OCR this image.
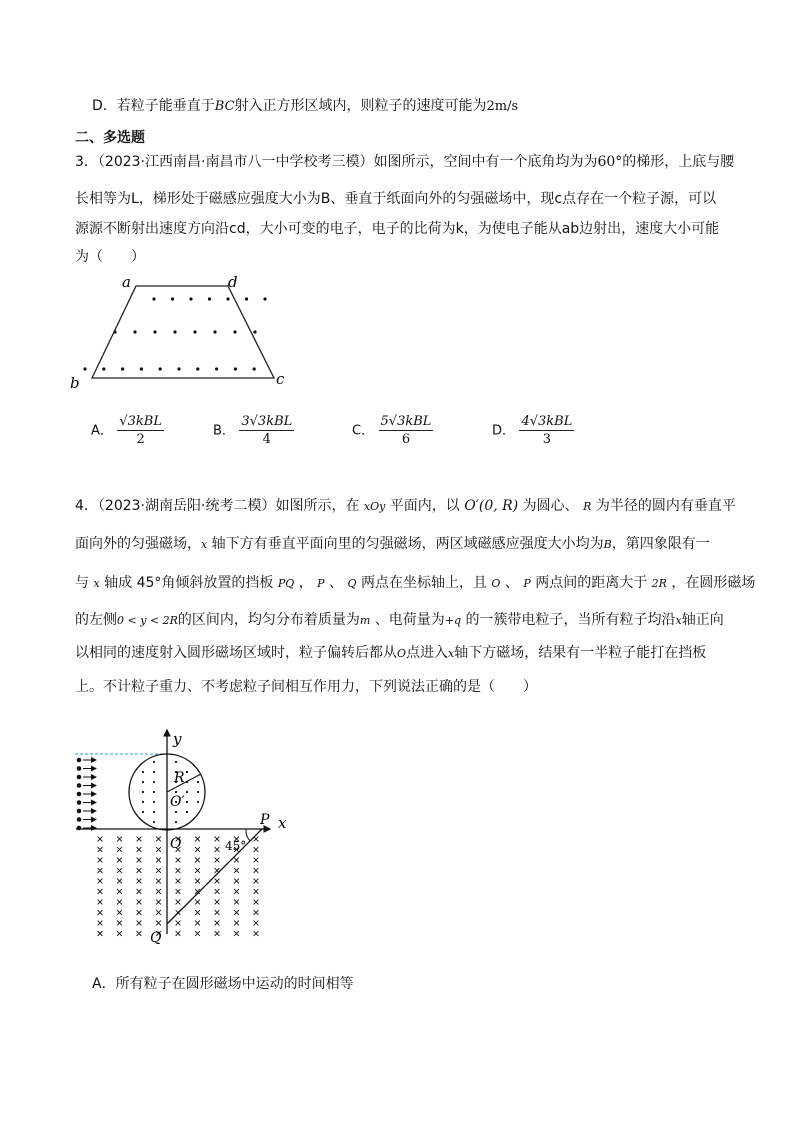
D．若粒子能垂直于BC射入正方形区域内，则粒子的速度可能为2m/s
二、多选题
3．（2023·江西南昌·南昌市八一中学校考三模）如图所示，空间中有一个底角均为为60°的梯形，上底与腰
长相等为L，梯形处于磁感应强度大小为B、垂直于纸面向外的匀强磁场中，现c点存在一个粒子源，可以
源源不断射出速度方向沿cd，大小可变的电子，电子的比荷为k，为使电子能从ab边射出，速度大小可能
为（　　）
a	d
b	c
A． $\frac{\text{√3kBL}}{2}$	B． $\frac{\text{3√3kBL}}{4}$	C． $\frac{\text{5√3kBL}}{6}$	D． $\frac{\text{4√3kBL}}{3}$
4．（2023·湖南岳阳·统考二模）如图所示，在 xOy 平面内，以 O′(0, R) 为圆心、 R 为半径的圆内有垂直平
面向外的匀强磁场，x 轴下方有垂直平面向里的匀强磁场，两区域磁感应强度大小均为B，第四象限有一
与 x 轴成 45°角倾斜放置的挡板 PQ ， P 、 Q 两点在坐标轴上，且 O 、 P 两点间的距离大于 2R ，在圆形磁场
的左侧0 < y < 2R的区间内，均匀分布着质量为m 、电荷量为+q 的一簇带电粒子，当所有粒子均沿x轴正向
以相同的速度射入圆形磁场区域时，粒子偏转后都从O点进入x轴下方磁场，结果有一半粒子能打在挡板
上。不计粒子重力、不考虑粒子间相互作用力，下列说法正确的是（　　）
y
x
R
O′
O
P
Q
45°
A．所有粒子在圆形磁场中运动的时间相等
